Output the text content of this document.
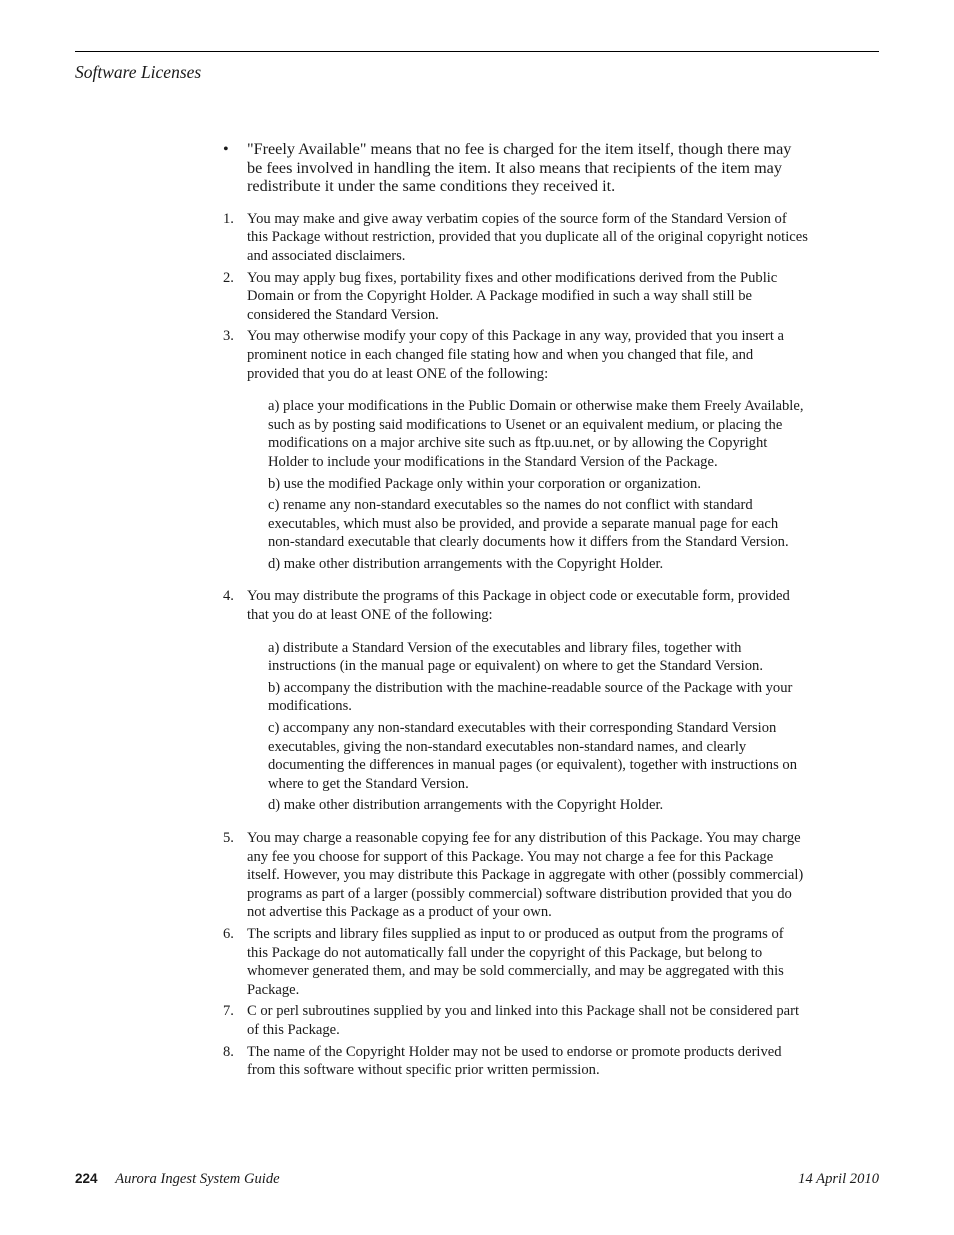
Software Licenses
•	"Freely Available" means that no fee is charged for the item itself, though there may be fees involved in handling the item. It also means that recipients of the item may redistribute it under the same conditions they received it.
1. You may make and give away verbatim copies of the source form of the Standard Version of this Package without restriction, provided that you duplicate all of the original copyright notices and associated disclaimers.
2. You may apply bug fixes, portability fixes and other modifications derived from the Public Domain or from the Copyright Holder. A Package modified in such a way shall still be considered the Standard Version.
3. You may otherwise modify your copy of this Package in any way, provided that you insert a prominent notice in each changed file stating how and when you changed that file, and provided that you do at least ONE of the following:

a) place your modifications in the Public Domain or otherwise make them Freely Available, such as by posting said modifications to Usenet or an equivalent medium, or placing the modifications on a major archive site such as ftp.uu.net, or by allowing the Copyright Holder to include your modifications in the Standard Version of the Package.

b) use the modified Package only within your corporation or organization.

c) rename any non-standard executables so the names do not conflict with standard executables, which must also be provided, and provide a separate manual page for each non-standard executable that clearly documents how it differs from the Standard Version.

d) make other distribution arrangements with the Copyright Holder.

4. You may distribute the programs of this Package in object code or executable form, provided that you do at least ONE of the following:

a) distribute a Standard Version of the executables and library files, together with instructions (in the manual page or equivalent) on where to get the Standard Version.

b) accompany the distribution with the machine-readable source of the Package with your modifications.

c) accompany any non-standard executables with their corresponding Standard Version executables, giving the non-standard executables non-standard names, and clearly documenting the differences in manual pages (or equivalent), together with instructions on where to get the Standard Version.

d) make other distribution arrangements with the Copyright Holder.

5. You may charge a reasonable copying fee for any distribution of this Package. You may charge any fee you choose for support of this Package. You may not charge a fee for this Package itself. However, you may distribute this Package in aggregate with other (possibly commercial) programs as part of a larger (possibly commercial) software distribution provided that you do not advertise this Package as a product of your own.
6. The scripts and library files supplied as input to or produced as output from the programs of this Package do not automatically fall under the copyright of this Package, but belong to whomever generated them, and may be sold commercially, and may be aggregated with this Package.
7. C or perl subroutines supplied by you and linked into this Package shall not be considered part of this Package.
8. The name of the Copyright Holder may not be used to endorse or promote products derived from this software without specific prior written permission.
224 Aurora Ingest System Guide	14 April 2010
